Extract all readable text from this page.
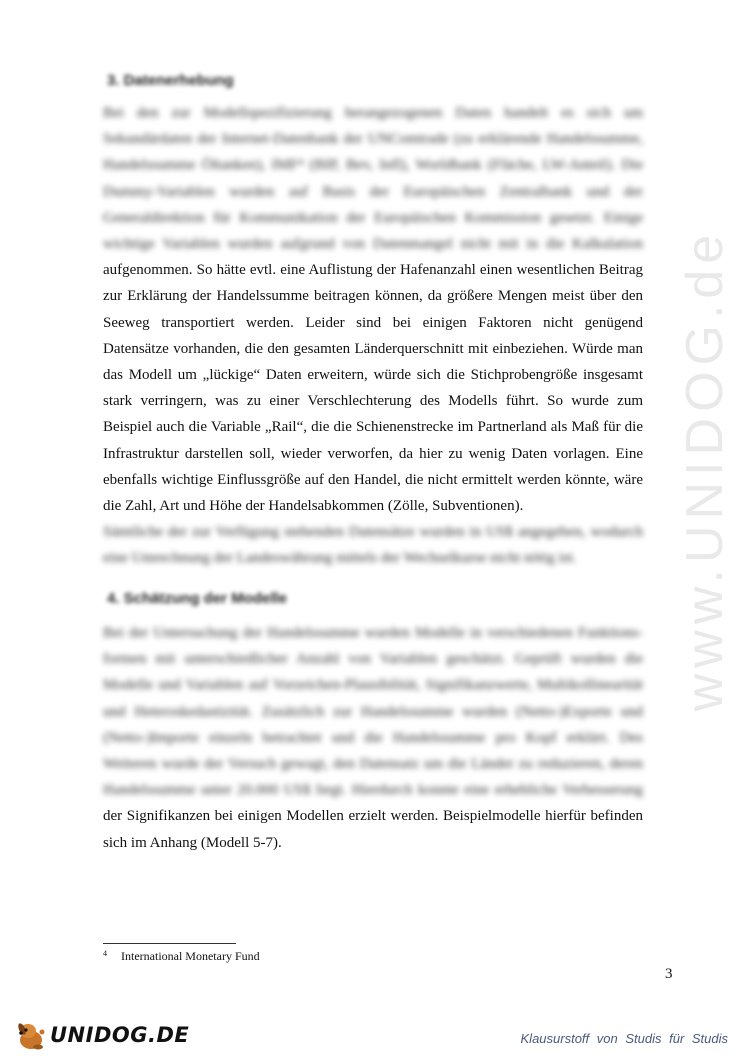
www.UNIDOG.de
3. Datenerhebung
Bei den zur Modellspezifizierung herangezogenen Daten handelt es sich um
Sekundärdaten der Internet-Datenbank der UNComtrade (zu erklärende Handelssumme,
Handelssumme Öltanken), IMF⁴ (BIP, Bev, Infl), Worldbank (Fläche, LW-Anteil). Die
Dummy-Variablen wurden auf Basis der Europäischen Zentralbank und der
Generaldirektion für Kommunikation der Europäischen Kommission gesetzt. Einige
wichtige Variablen wurden aufgrund von Datenmangel nicht mit in die Kalkulation
aufgenommen. So hätte evtl. eine Auflistung der Hafenanzahl einen wesentlichen Beitrag
zur Erklärung der Handelssumme beitragen können, da größere Mengen meist über den
Seeweg transportiert werden. Leider sind bei einigen Faktoren nicht genügend
Datensätze vorhanden, die den gesamten Länderquerschnitt mit einbeziehen. Würde man
das Modell um „lückige“ Daten erweitern, würde sich die Stichprobengröße insgesamt
stark verringern, was zu einer Verschlechterung des Modells führt. So wurde zum
Beispiel auch die Variable „Rail“, die die Schienenstrecke im Partnerland als Maß für die
Infrastruktur darstellen soll, wieder verworfen, da hier zu wenig Daten vorlagen. Eine
ebenfalls wichtige Einflussgröße auf den Handel, die nicht ermittelt werden könnte, wäre
die Zahl, Art und Höhe der Handelsabkommen (Zölle, Subventionen).
Sämtliche der zur Verfügung stehenden Datensätze wurden in US$ angegeben, wodurch
eine Umrechnung der Landeswährung mittels der Wechselkurse nicht nötig ist.
4. Schätzung der Modelle
Bei der Untersuchung der Handelssumme wurden Modelle in verschiedenen Funktions-
formen mit unterschiedlicher Anzahl von Variablen geschätzt. Geprüft wurden die
Modelle und Variablen auf Vorzeichen-Plausibilität, Signifikanzwerte, Multikollinearität
und Heteroskedastizität. Zusätzlich zur Handelssumme wurden (Netto-)Exporte und
(Netto-)Importe einzeln betrachtet und die Handelssumme pro Kopf erklärt. Des
Weiteren wurde der Versuch gewagt, den Datensatz um die Länder zu reduzieren, deren
Handelssumme unter 20.000 US$ liegt. Hierdurch konnte eine erhebliche Verbesserung
der Signifikanzen bei einigen Modellen erzielt werden. Beispielmodelle hierfür befinden
sich im Anhang (Modell 5-7).
$^4$ International Monetary Fund
3
UNIDOG.DE	Klausurstoff von Studis für Studis
